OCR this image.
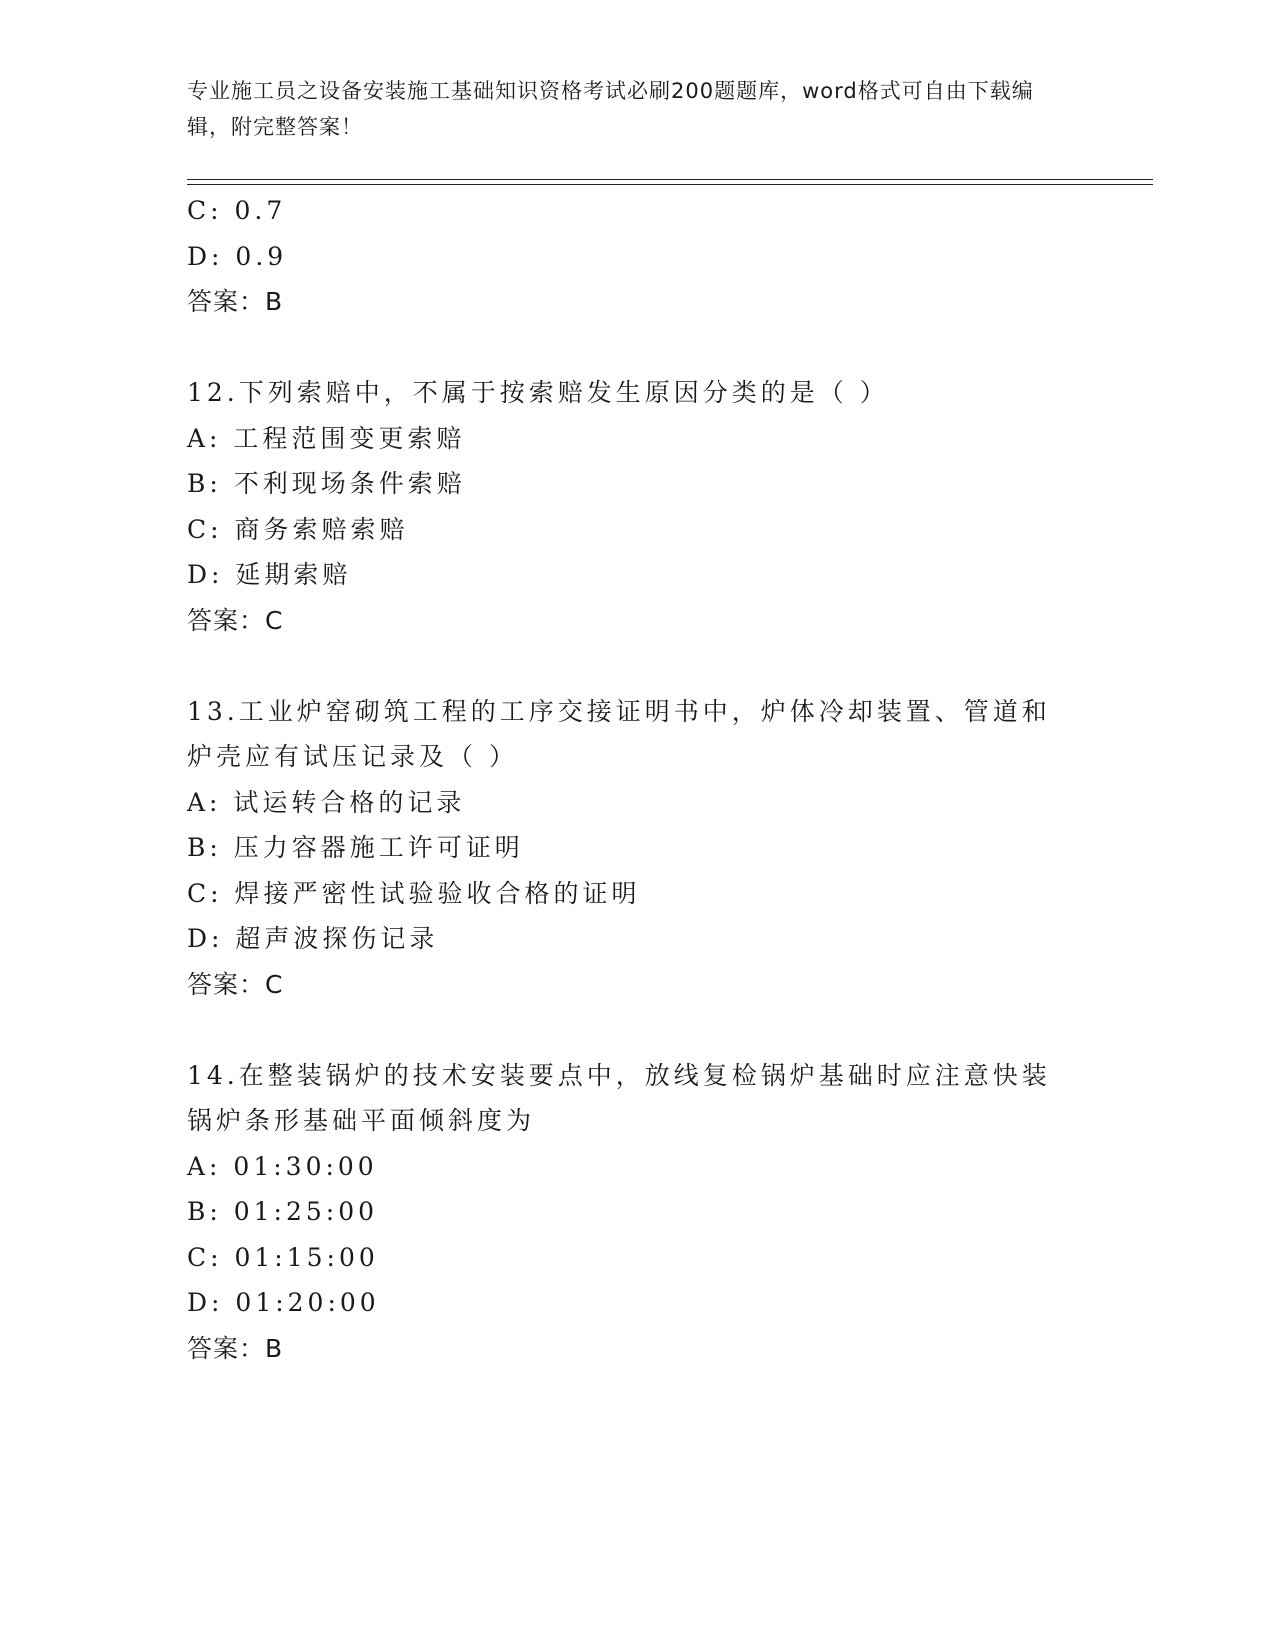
专业施工员之设备安装施工基础知识资格考试必刷200题题库，word格式可自由下载编辑，附完整答案！
C: 0.7
D: 0.9
答案：B
12.下列索赔中，不属于按索赔发生原因分类的是（ ）
A: 工程范围变更索赔
B: 不利现场条件索赔
C: 商务索赔索赔
D: 延期索赔
答案：C
13.工业炉窑砌筑工程的工序交接证明书中，炉体冷却装置、管道和炉壳应有试压记录及（ ）
A: 试运转合格的记录
B: 压力容器施工许可证明
C: 焊接严密性试验验收合格的证明
D: 超声波探伤记录
答案：C
14.在整装锅炉的技术安装要点中，放线复检锅炉基础时应注意快装锅炉条形基础平面倾斜度为
A: 01:30:00
B: 01:25:00
C: 01:15:00
D: 01:20:00
答案：B
